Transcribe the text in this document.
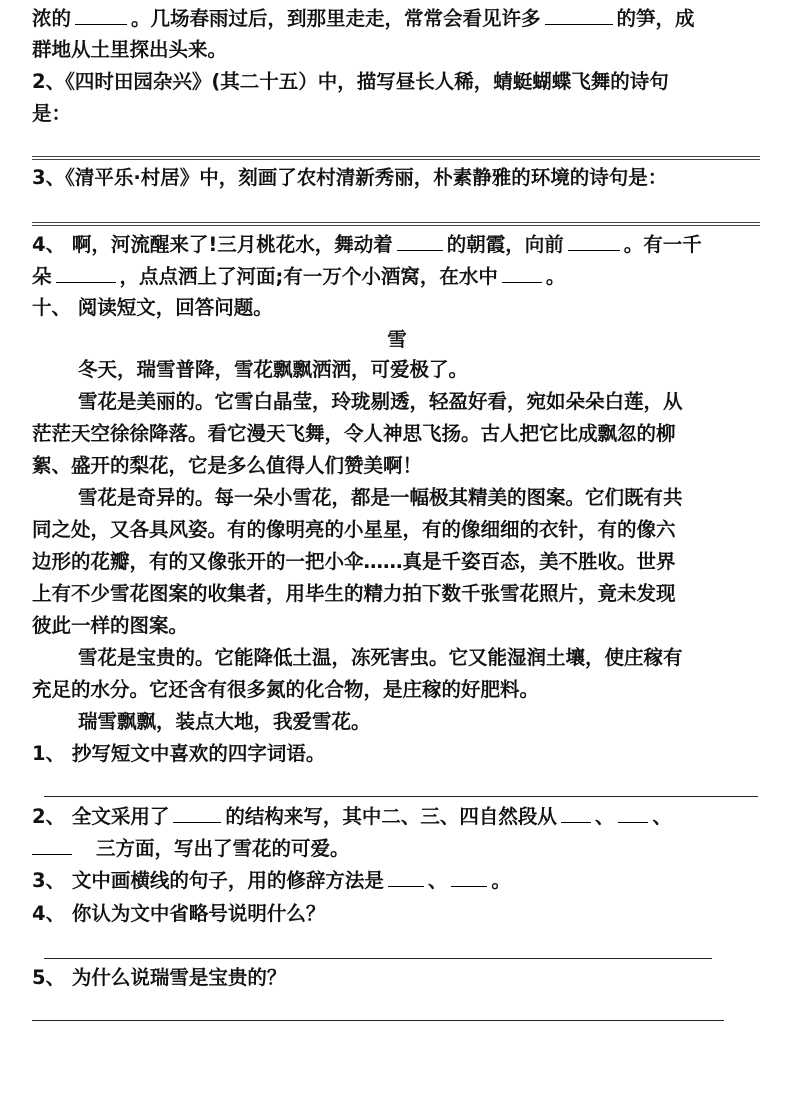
浓的	。几场春雨过后，到那里走走，常常会看见许多	的笋，成
群地从土里探出头来。
2、《四时田园杂兴》(其二十五）中，描写昼长人稀，蜻蜓蝴蝶飞舞的诗句
是：
3、《清平乐·村居》中，刻画了农村清新秀丽，朴素静雅的环境的诗句是：
4、 啊，河流醒来了!三月桃花水，舞动着	的朝霞，向前	。有一千
朵	，点点洒上了河面;有一万个小酒窝，在水中 。
十、 阅读短文，回答问题。
雪
冬天，瑞雪普降，雪花飘飘洒洒，可爱极了。
雪花是美丽的。它雪白晶莹，玲珑剔透，轻盈好看，宛如朵朵白莲，从
茫茫天空徐徐降落。看它漫天飞舞，令人神思飞扬。古人把它比成飘忽的柳
絮、盛开的梨花，它是多么值得人们赞美啊！
雪花是奇异的。每一朵小雪花，都是一幅极其精美的图案。它们既有共
同之处，又各具风姿。有的像明亮的小星星，有的像细细的衣针，有的像六
边形的花瓣，有的又像张开的一把小伞……真是千姿百态，美不胜收。世界
上有不少雪花图案的收集者，用毕生的精力拍下数千张雪花照片，竟未发现
彼此一样的图案。
雪花是宝贵的。它能降低土温，冻死害虫。它又能湿润土壤，使庄稼有
充足的水分。它还含有很多氮的化合物，是庄稼的好肥料。
瑞雪飘飘，装点大地，我爱雪花。
1、 抄写短文中喜欢的四字词语。
2、 全文采用了	的结构来写，其中二、三、四自然段从 、 、
三方面，写出了雪花的可爱。
3、 文中画横线的句子，用的修辞方法是 、 。
4、 你认为文中省略号说明什么？
5、 为什么说瑞雪是宝贵的？
